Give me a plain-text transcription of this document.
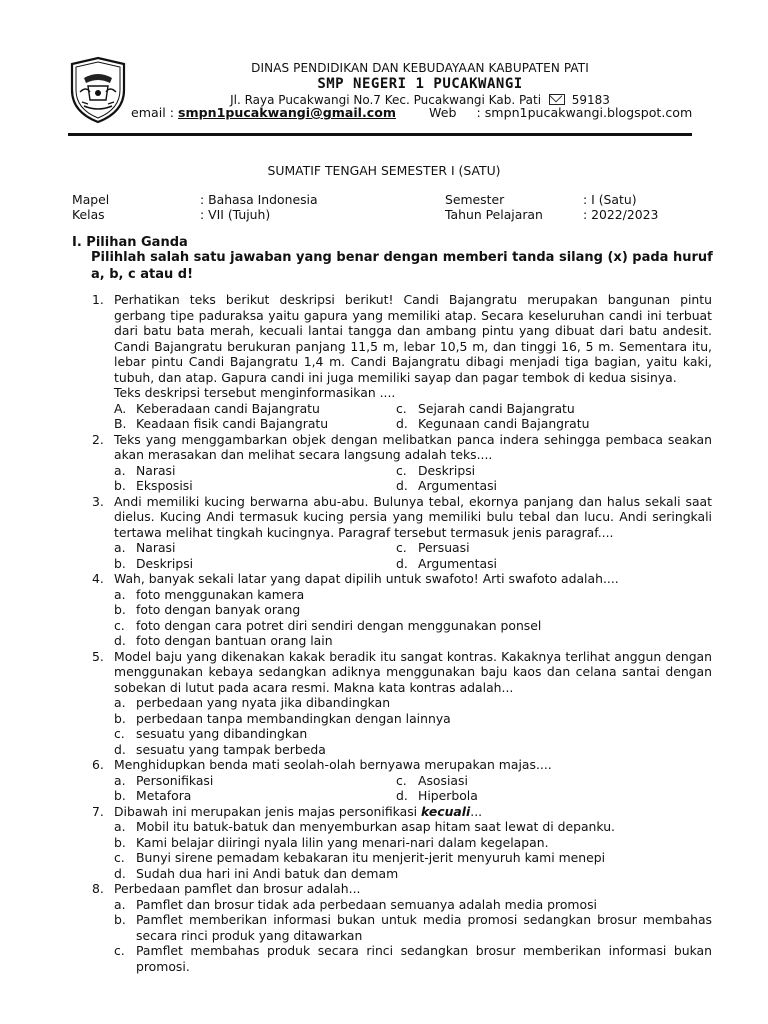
DINAS PENDIDIKAN DAN KEBUDAYAAN KABUPATEN PATI
SMP NEGERI 1 PUCAKWANGI
Jl. Raya Pucakwangi No.7 Kec. Pucakwangi Kab. Pati	59183
email : smpn1pucakwangi@gmail.com	Web : smpn1pucakwangi.blogspot.com
SUMATIF TENGAH SEMESTER I (SATU)
Mapel	: Bahasa Indonesia	Semester	: I (Satu)
Kelas	: VII (Tujuh)	Tahun Pelajaran	: 2022/2023
I. Pilihan Ganda
Pilihlah salah satu jawaban yang benar dengan memberi tanda silang (x) pada huruf a, b, c atau d!
1. Perhatikan teks berikut deskripsi berikut! Candi Bajangratu merupakan bangunan pintu gerbang tipe paduraksa yaitu gapura yang memiliki atap. Secara keseluruhan candi ini terbuat dari batu bata merah, kecuali lantai tangga dan ambang pintu yang dibuat dari batu andesit. Candi Bajangratu berukuran panjang 11,5 m, lebar 10,5 m, dan tinggi 16, 5 m. Sementara itu, lebar pintu Candi Bajangratu 1,4 m. Candi Bajangratu dibagi menjadi tiga bagian, yaitu kaki, tubuh, dan atap. Gapura candi ini juga memiliki sayap dan pagar tembok di kedua sisinya.

Teks deskripsi tersebut menginformasikan ....

A. Keberadaan candi Bajangratu	c. Sejarah candi Bajangratu
B. Keadaan fisik candi Bajangratu	d. Kegunaan candi Bajangratu
2. Teks yang menggambarkan objek dengan melibatkan panca indera sehingga pembaca seakan akan merasakan dan melihat secara langsung adalah teks....

a. Narasi	c. Deskripsi
b. Eksposisi	d. Argumentasi
3. Andi memiliki kucing berwarna abu-abu. Bulunya tebal, ekornya panjang dan halus sekali saat dielus. Kucing Andi termasuk kucing persia yang memiliki bulu tebal dan lucu. Andi seringkali tertawa melihat tingkah kucingnya. Paragraf tersebut termasuk jenis paragraf....

a. Narasi	c. Persuasi
b. Deskripsi	d. Argumentasi
4. Wah, banyak sekali latar yang dapat dipilih untuk swafoto! Arti swafoto adalah....

a. foto menggunakan kamera
b. foto dengan banyak orang
c. foto dengan cara potret diri sendiri dengan menggunakan ponsel
d. foto dengan bantuan orang lain
5. Model baju yang dikenakan kakak beradik itu sangat kontras. Kakaknya terlihat anggun dengan menggunakan kebaya sedangkan adiknya menggunakan baju kaos dan celana santai dengan sobekan di lutut pada acara resmi. Makna kata kontras adalah...

a. perbedaan yang nyata jika dibandingkan
b. perbedaan tanpa membandingkan dengan lainnya
c. sesuatu yang dibandingkan
d. sesuatu yang tampak berbeda
6. Menghidupkan benda mati seolah-olah bernyawa merupakan majas....

a. Personifikasi	c. Asosiasi
b. Metafora	d. Hiperbola
7. Dibawah ini merupakan jenis majas personifikasi kecuali...

a. Mobil itu batuk-batuk dan menyemburkan asap hitam saat lewat di depanku.
b. Kami belajar diiringi nyala lilin yang menari-nari dalam kegelapan.
c. Bunyi sirene pemadam kebakaran itu menjerit-jerit menyuruh kami menepi
d. Sudah dua hari ini Andi batuk dan demam
8. Perbedaan pamflet dan brosur adalah...

a. Pamflet dan brosur tidak ada perbedaan semuanya adalah media promosi
b. Pamflet memberikan informasi bukan untuk media promosi sedangkan brosur membahas secara rinci produk yang ditawarkan
c. Pamflet membahas produk secara rinci sedangkan brosur memberikan informasi bukan promosi.
